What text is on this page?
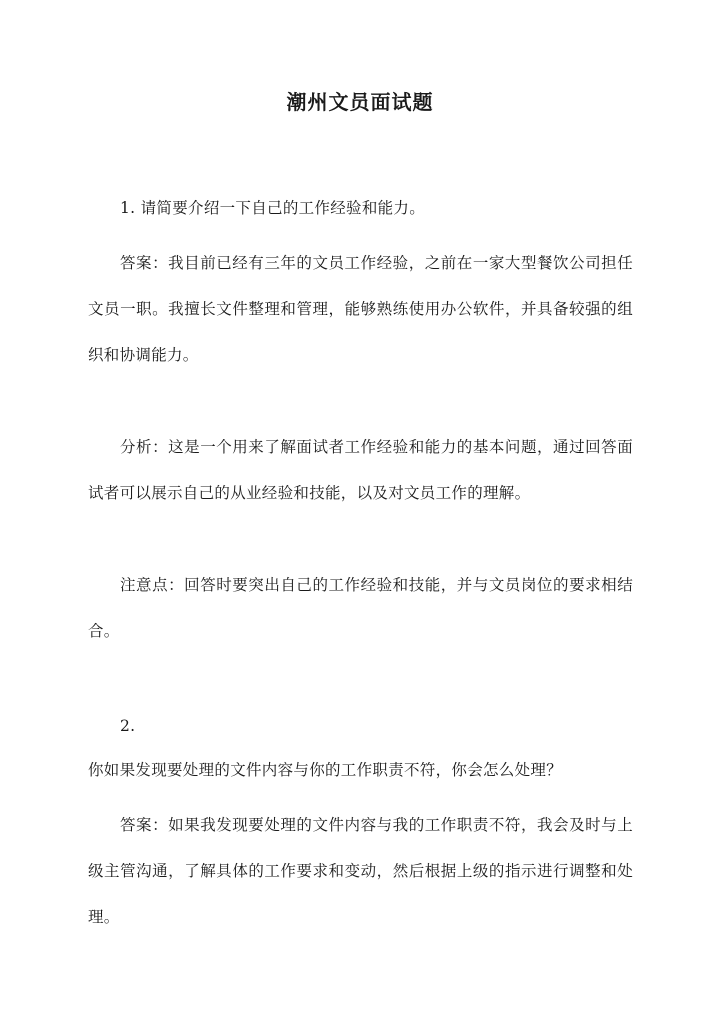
潮州文员面试题
1. 请简要介绍一下自己的工作经验和能力。
答案：我目前已经有三年的文员工作经验，之前在一家大型餐饮公司担任文员一职。我擅长文件整理和管理，能够熟练使用办公软件，并具备较强的组织和协调能力。
分析：这是一个用来了解面试者工作经验和能力的基本问题，通过回答面试者可以展示自己的从业经验和技能，以及对文员工作的理解。
注意点：回答时要突出自己的工作经验和技能，并与文员岗位的要求相结合。
2.
你如果发现要处理的文件内容与你的工作职责不符，你会怎么处理？
答案：如果我发现要处理的文件内容与我的工作职责不符，我会及时与上级主管沟通，了解具体的工作要求和变动，然后根据上级的指示进行调整和处理。
